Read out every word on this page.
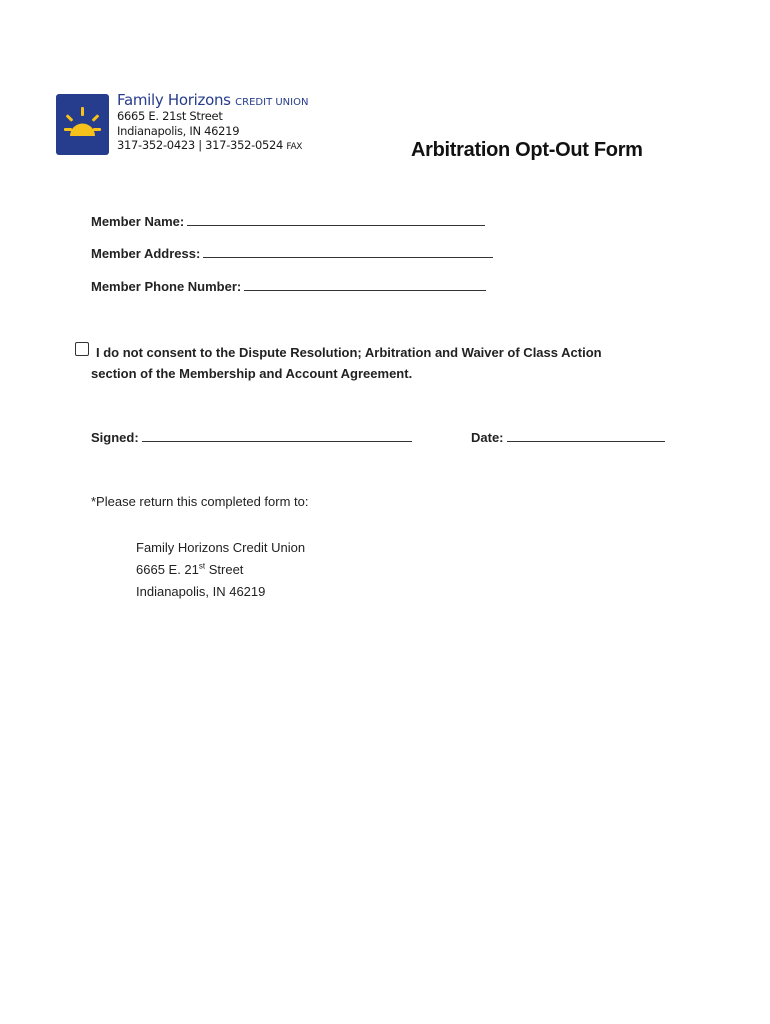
Family Horizons CREDIT UNION
6665 E. 21st Street
Indianapolis, IN 46219
317-352-0423 | 317-352-0524 FAX	Arbitration Opt-Out Form
Member Name:
Member Address:
Member Phone Number:
I do not consent to the Dispute Resolution; Arbitration and Waiver of Class Action
section of the Membership and Account Agreement.
Signed:	Date:
*Please return this completed form to:
Family Horizons Credit Union
6665 E. 21st Street
Indianapolis, IN 46219
